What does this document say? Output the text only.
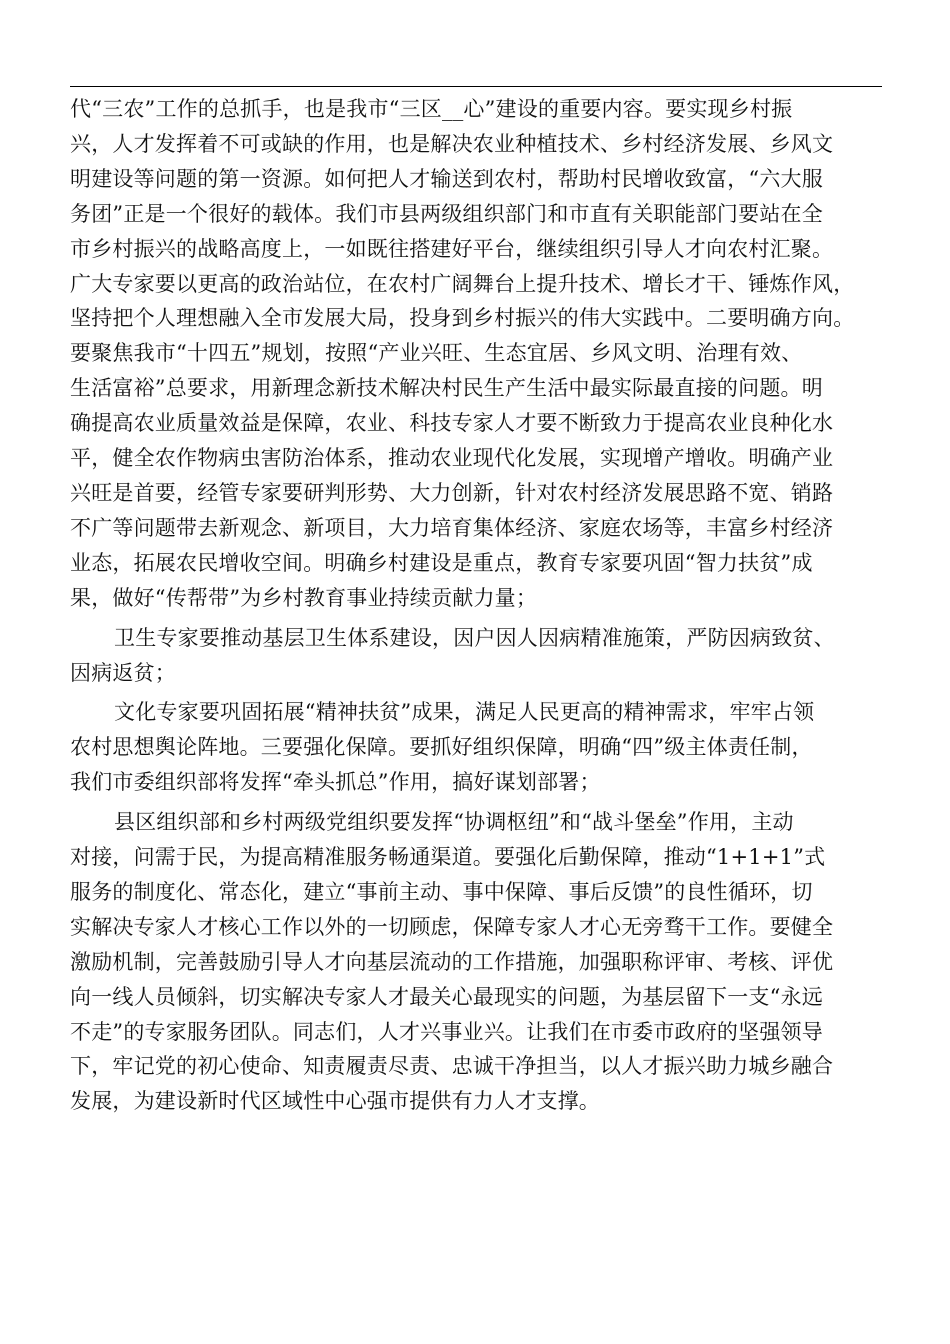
代“三农”工作的总抓手，也是我市“三区__心”建设的重要内容。要实现乡村振
兴，人才发挥着不可或缺的作用，也是解决农业种植技术、乡村经济发展、乡风文
明建设等问题的第一资源。如何把人才输送到农村，帮助村民增收致富，“六大服
务团”正是一个很好的载体。我们市县两级组织部门和市直有关职能部门要站在全
市乡村振兴的战略高度上，一如既往搭建好平台，继续组织引导人才向农村汇聚。
广大专家要以更高的政治站位，在农村广阔舞台上提升技术、增长才干、锤炼作风，
坚持把个人理想融入全市发展大局，投身到乡村振兴的伟大实践中。二要明确方向。
要聚焦我市“十四五”规划，按照“产业兴旺、生态宜居、乡风文明、治理有效、
生活富裕”总要求，用新理念新技术解决村民生产生活中最实际最直接的问题。明
确提高农业质量效益是保障，农业、科技专家人才要不断致力于提高农业良种化水
平，健全农作物病虫害防治体系，推动农业现代化发展，实现增产增收。明确产业
兴旺是首要，经管专家要研判形势、大力创新，针对农村经济发展思路不宽、销路
不广等问题带去新观念、新项目，大力培育集体经济、家庭农场等，丰富乡村经济
业态，拓展农民增收空间。明确乡村建设是重点，教育专家要巩固“智力扶贫”成
果，做好“传帮带”为乡村教育事业持续贡献力量；
卫生专家要推动基层卫生体系建设，因户因人因病精准施策，严防因病致贫、
因病返贫；
文化专家要巩固拓展“精神扶贫”成果，满足人民更高的精神需求，牢牢占领
农村思想舆论阵地。三要强化保障。要抓好组织保障，明确“四”级主体责任制，
我们市委组织部将发挥“牵头抓总”作用，搞好谋划部署；
县区组织部和乡村两级党组织要发挥“协调枢纽”和“战斗堡垒”作用，主动
对接，问需于民，为提高精准服务畅通渠道。要强化后勤保障，推动“1+1+1”式
服务的制度化、常态化，建立“事前主动、事中保障、事后反馈”的良性循环，切
实解决专家人才核心工作以外的一切顾虑，保障专家人才心无旁骛干工作。要健全
激励机制，完善鼓励引导人才向基层流动的工作措施，加强职称评审、考核、评优
向一线人员倾斜，切实解决专家人才最关心最现实的问题，为基层留下一支“永远
不走”的专家服务团队。同志们，人才兴事业兴。让我们在市委市政府的坚强领导
下，牢记党的初心使命、知责履责尽责、忠诚干净担当，以人才振兴助力城乡融合
发展，为建设新时代区域性中心强市提供有力人才支撑。
